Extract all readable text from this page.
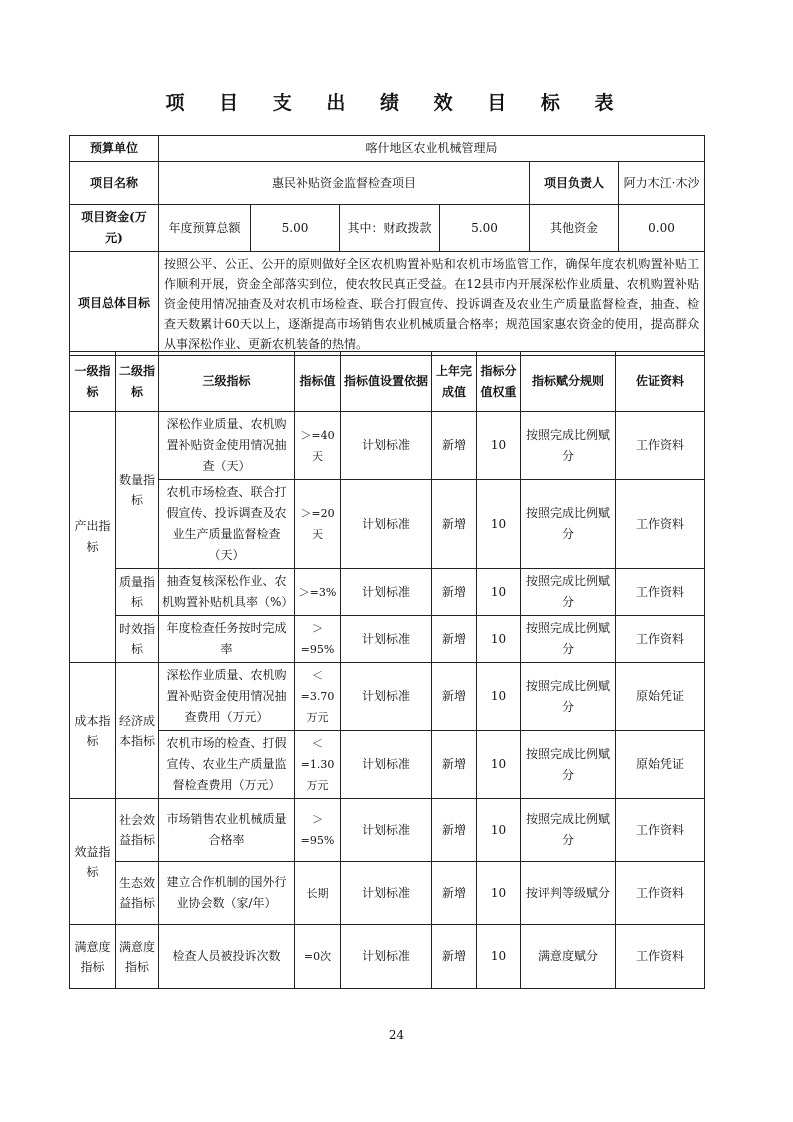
项 目 支 出 绩 效 目 标 表
预算单位	喀什地区农业机械管理局					
项目名称	惠民补贴资金监督检查项目				项目负责人	阿力木江·木沙
项目资金(万元)	年度预算总额	5.00	其中：财政拨款	5.00	其他资金	0.00
项目总体目标	按照公平、公正、公开的原则做好全区农机购置补贴和农机市场监管工作，确保年度农机购置补贴工作顺利开展，资金全部落实到位，使农牧民真正受益。在12县市内开展深松作业质量、农机购置补贴资金使用情况抽查及对农机市场检查、联合打假宣传、投诉调查及农业生产质量监督检查，抽查、检查天数累计60天以上，逐渐提高市场销售农业机械质量合格率；规范国家惠农资金的使用，提高群众从事深松作业、更新农机装备的热情。					
一级指标	二级指标	三级指标	指标值	指标值设置依据	上年完成值	指标分值权重	指标赋分规则	佐证资料
产出指标	数量指标	深松作业质量、农机购置补贴资金使用情况抽查（天）	＞=40天	计划标准	新增	10	按照完成比例赋分	工作资料
		农机市场检查、联合打假宣传、投诉调查及农业生产质量监督检查（天）	＞=20天	计划标准	新增	10	按照完成比例赋分	工作资料
	质量指标	抽查复核深松作业、农机购置补贴机具率（%）	＞=3%	计划标准	新增	10	按照完成比例赋分	工作资料
	时效指标	年度检查任务按时完成率	＞=95%	计划标准	新增	10	按照完成比例赋分	工作资料
成本指标	经济成本指标	深松作业质量、农机购置补贴资金使用情况抽查费用（万元）	＜=3.70万元	计划标准	新增	10	按照完成比例赋分	原始凭证
		农机市场的检查、打假宣传、农业生产质量监督检查费用（万元）	＜=1.30万元	计划标准	新增	10	按照完成比例赋分	原始凭证
效益指标	社会效益指标	市场销售农业机械质量合格率	＞=95%	计划标准	新增	10	按照完成比例赋分	工作资料
	生态效益指标	建立合作机制的国外行业协会数（家/年）	长期	计划标准	新增	10	按评判等级赋分	工作资料
满意度指标	满意度指标	检查人员被投诉次数	=0次	计划标准	新增	10	满意度赋分	工作资料
24
